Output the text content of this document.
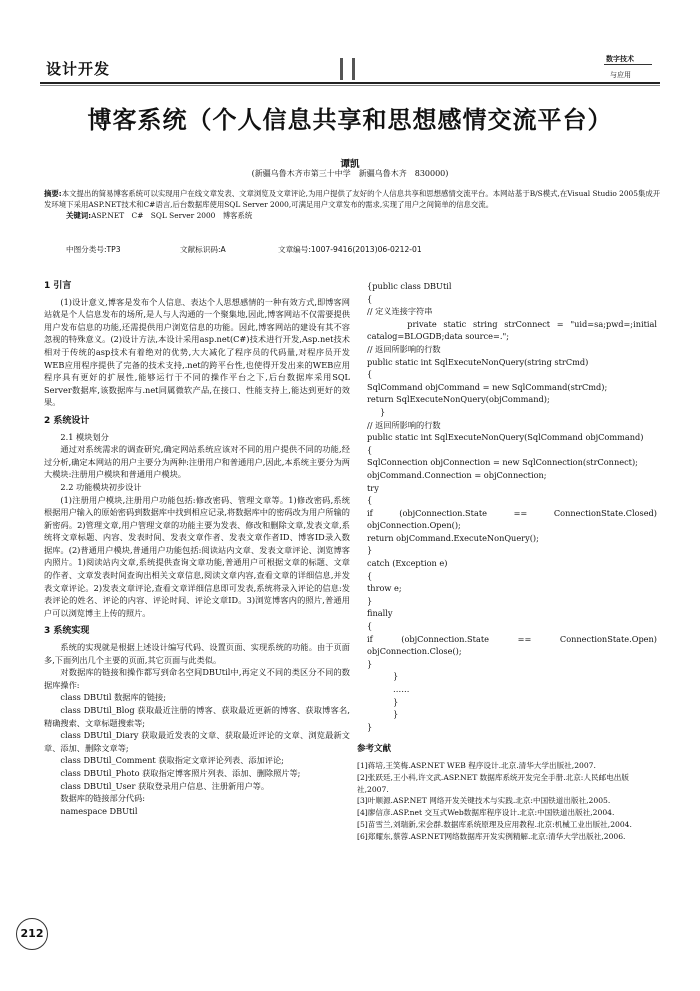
设计开发
数字技术
与应用
博客系统（个人信息共享和思想感情交流平台）
谭凯
(新疆乌鲁木齐市第三十中学　新疆乌鲁木齐　830000)
摘要:本文提出的简易博客系统可以实现用户在线文章发表、文章浏览及文章评论,为用户提供了友好的个人信息共享和思想感情交流平台。本网站基于B/S模式,在Visual Studio 2005集成开发环境下采用ASP.NET技术和C#语言,后台数据库使用SQL Server 2000,可满足用户文章发布的需求,实现了用户之间简单的信息交流。
关键词:ASP.NET　C#　SQL Server 2000　博客系统
中图分类号:TP3	文献标识码:A	文章编号:1007-9416(2013)06-0212-01
1 引言

(1)设计意义,博客是发布个人信息、表达个人思想感情的一种有效方式,即博客网站就是个人信息发布的场所,是人与人沟通的一个聚集地,因此,博客网站不仅需要提供用户发布信息的功能,还需提供用户浏览信息的功能。因此,博客网站的建设有其不容忽视的特殊意义。(2)设计方法,本设计采用asp.net(C#)技术进行开发,Asp.net技术相对于传统的asp技术有着绝对的优势,大大减化了程序员的代码量,对程序员开发WEB应用程序提供了完备的技术支持,.net的跨平台性,也使得开发出来的WEB应用程序具有更好的扩展性,能够运行于不同的操作平台之下,后台数据库采用SQL Server数据库,该数据库与.net同属微软产品,在接口、性能支持上,能达到更好的效果。

2 系统设计

2.1 模块划分

通过对系统需求的调查研究,确定网站系统应该对不同的用户提供不同的功能,经过分析,确定本网站的用户主要分为两种:注册用户和普通用户,因此,本系统主要分为两大模块:注册用户模块和普通用户模块。

2.2 功能模块初步设计

(1)注册用户模块,注册用户功能包括:修改密码、管理文章等。1)修改密码,系统根据用户输入的原始密码到数据库中找到相应记录,将数据库中的密码改为用户所输的新密码。2)管理文章,用户管理文章的功能主要为发表、修改和删除文章,发表文章,系统将文章标题、内容、发表时间、发表文章作者、发表文章作者ID、博客ID录入数据库。(2)普通用户模块,普通用户功能包括:阅读站内文章、发表文章评论、浏览博客内照片。1)阅读站内文章,系统提供查询文章功能,普通用户可根据文章的标题、文章的作者、文章发表时间查询出相关文章信息,阅读文章内容,查看文章的详细信息,并发表文章评论。2)发表文章评论,查看文章详细信息即可发表,系统将录入评论的信息:发表评论的姓名、评论的内容、评论时间、评论文章ID。3)浏览博客内的照片,普通用户可以浏览博主上传的照片。

3 系统实现

系统的实现就是根据上述设计编写代码、设置页面、实现系统的功能。由于页面多,下面列出几个主要的页面,其它页面与此类似。

对数据库的链接和操作都写到命名空间DBUtil中,再定义不同的类区分不同的数据库操作:

class DBUtil 数据库的链接;

class DBUtil_Blog 获取最近注册的博客、获取最近更新的博客、获取博客名,精确搜索、文章标题搜索等;

class DBUtil_Diary 获取最近发表的文章、获取最近评论的文章、浏览最新文章、添加、删除文章等;

class DBUtil_Comment 获取指定文章评论列表、添加评论;

class DBUtil_Photo 获取指定博客照片列表、添加、删除照片等;

class DBUtil_User 获取登录用户信息、注册新用户等。

数据库的链接部分代码:

namespace DBUtil

{public class DBUtil

{

// 定义连接字符串

private static string strConnect = "uid=sa;pwd=;initial catalog=BLOGDB;data source=.";

// 返回所影响的行数

public static int SqlExecuteNonQuery(string strCmd)

{

SqlCommand objCommand = new SqlCommand(strCmd);

return SqlExecuteNonQuery(objCommand);

}

// 返回所影响的行数

public static int SqlExecuteNonQuery(SqlCommand objCommand)

{

SqlConnection objConnection = new SqlConnection(strConnect);

objCommand.Connection = objConnection;

try

{

if (objConnection.State == ConnectionState.Closed) objConnection.Open();

return objCommand.ExecuteNonQuery();

}

catch (Exception e)

{

throw e;

}

finally

{

if (objConnection.State == ConnectionState.Open) objConnection.Close();

}

}

……

}

}

}

参考文献

[1]蒋培,王笑梅.ASP.NET WEB 程序设计.北京.清华大学出版社,2007.

[2]张跃廷,王小科,许文武.ASP.NET 数据库系统开发完全手册.北京:人民邮电出版社,2007.

[3]叶顺源.ASP.NET 网络开发关键技术与实践.北京:中国铁道出版社,2005.

[4]廖信彦.ASP.net 交互式Web数据库程序设计.北京:中国铁道出版社,2004.

[5]苗雪兰,刘瑞新,宋会群.数据库系统原理及应用教程.北京:机械工业出版社,2004.

[6]郑耀东,蔡蓉.ASP.NET网络数据库开发实例精解.北京:清华大学出版社,2006.

212
